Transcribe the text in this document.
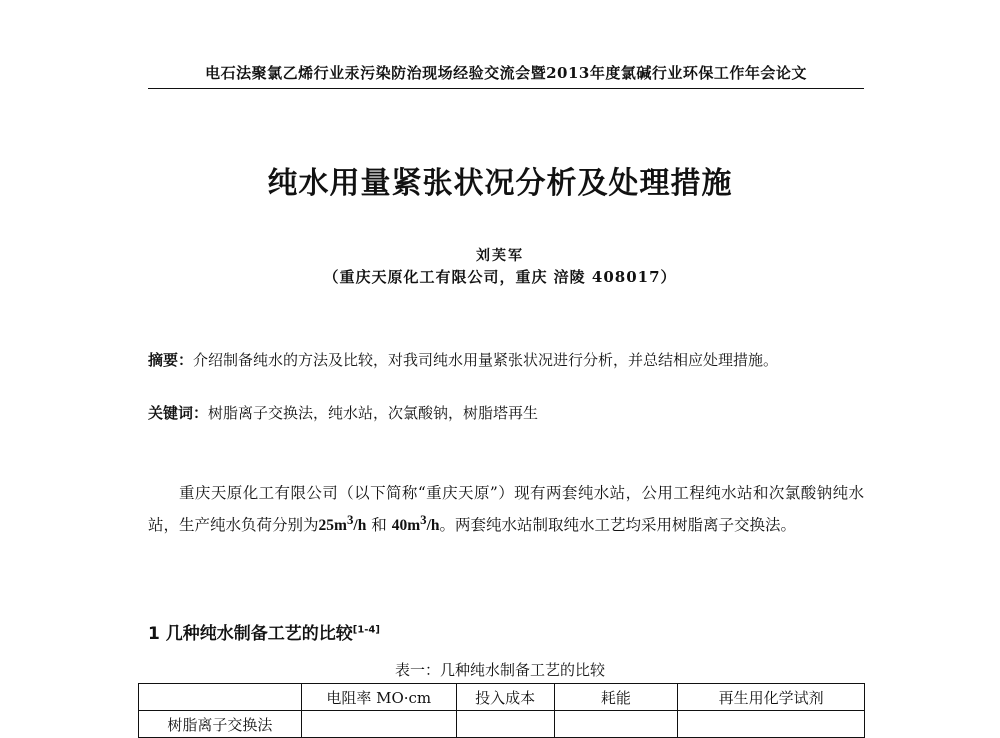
电石法聚氯乙烯行业汞污染防治现场经验交流会暨2013年度氯碱行业环保工作年会论文
纯水用量紧张状况分析及处理措施
刘芙军
（重庆天原化工有限公司，重庆 涪陵 408017）
摘要：介绍制备纯水的方法及比较，对我司纯水用量紧张状况进行分析，并总结相应处理措施。
关键词：树脂离子交换法，纯水站，次氯酸钠，树脂塔再生

重庆天原化工有限公司（以下简称“重庆天原”）现有两套纯水站，公用工程纯水站和次氯酸钠纯水站，生产纯水负荷分别为$25m^3/h$ 和 $40m^3/h$。两套纯水站制取纯水工艺均采用树脂离子交换法。

1 几种纯水制备工艺的比较[1-4]
表一：几种纯水制备工艺的比较
	电阻率 MO·cm	投入成本	耗能	再生用化学试剂
树脂离子交换法				
